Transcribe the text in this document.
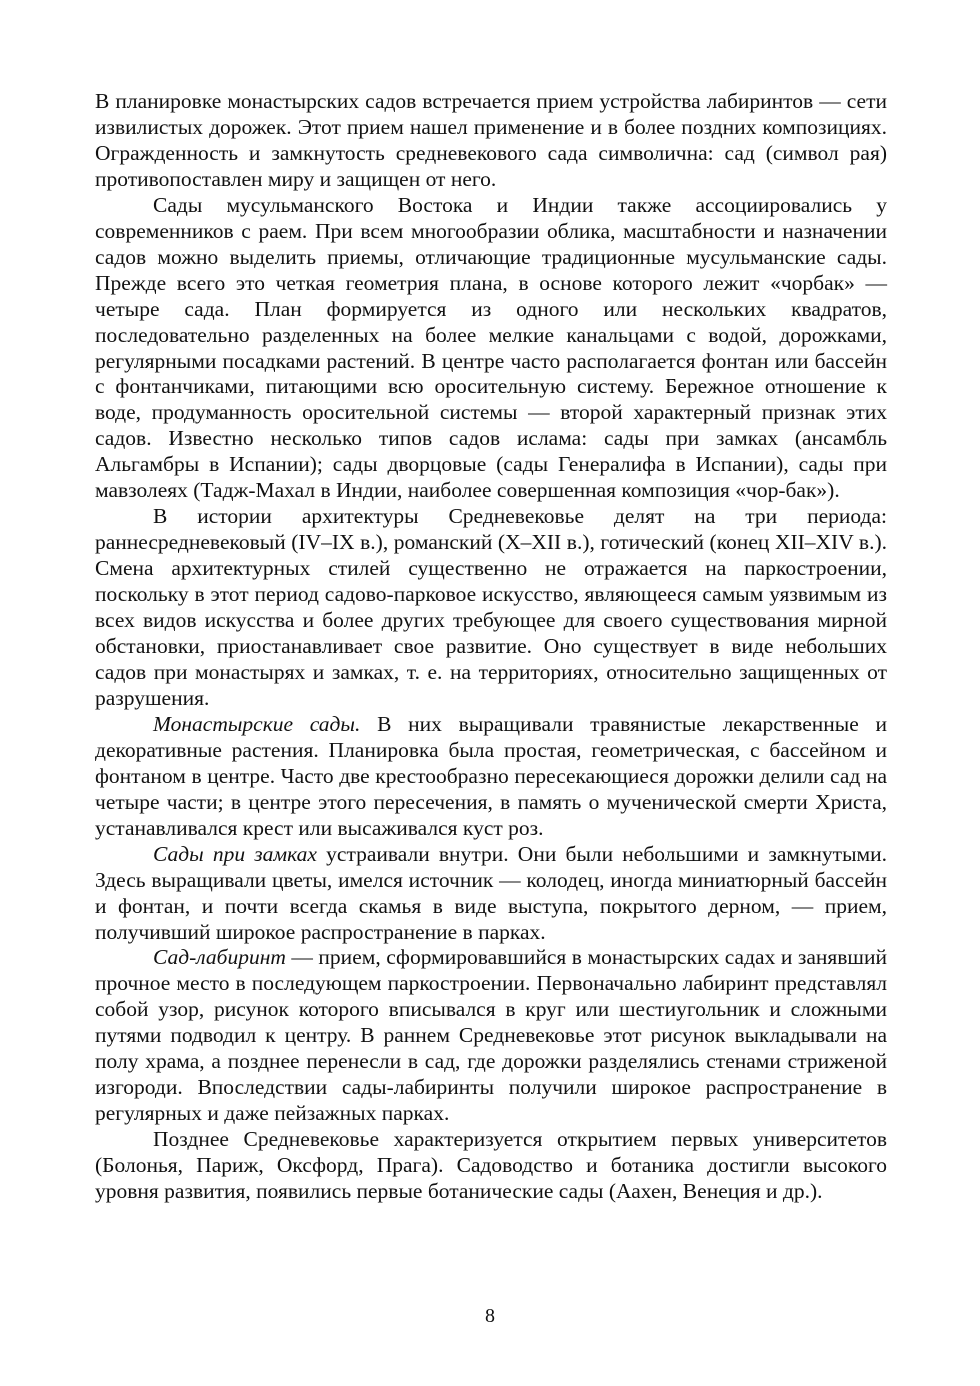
В планировке монастырских садов встречается прием устройства лабиринтов — сети извилистых дорожек. Этот прием нашел применение и в более поздних композициях. Огражденность и замкнутость средневекового сада символична: сад (символ рая) противопоставлен миру и защищен от него.

Сады мусульманского Востока и Индии также ассоциировались у современников с раем. При всем многообразии облика, масштабности и назначении садов можно выделить приемы, отличающие традиционные мусульманские сады. Прежде всего это четкая геометрия плана, в основе которого лежит «чорбак» — четыре сада. План формируется из одного или нескольких квадратов, последовательно разделенных на более мелкие канальцами с водой, дорожками, регулярными посадками растений. В центре часто располагается фонтан или бассейн с фонтанчиками, питающими всю оросительную систему. Бережное отношение к воде, продуманность оросительной системы — второй характерный признак этих садов. Известно несколько типов садов ислама: сады при замках (ансамбль Альгамбры в Испании); сады дворцовые (сады Генералифа в Испании), сады при мавзолеях (Тадж-Махал в Индии, наиболее совершенная композиция «чор-бак»).

В истории архитектуры Средневековье делят на три периода: раннесредневековый (IV–IX в.), романский (X–XII в.), готический (конец XII–XIV в.). Смена архитектурных стилей существенно не отражается на паркостроении, поскольку в этот период садово-парковое искусство, являющееся самым уязвимым из всех видов искусства и более других требующее для своего существования мирной обстановки, приостанавливает свое развитие. Оно существует в виде небольших садов при монастырях и замках, т. е. на территориях, относительно защищенных от разрушения.

Монастырские сады. В них выращивали травянистые лекарственные и декоративные растения. Планировка была простая, геометрическая, с бассейном и фонтаном в центре. Часто две крестообразно пересекающиеся дорожки делили сад на четыре части; в центре этого пересечения, в память о мученической смерти Христа, устанавливался крест или высаживался куст роз.

Сады при замках устраивали внутри. Они были небольшими и замкнутыми. Здесь выращивали цветы, имелся источник — колодец, иногда миниатюрный бассейн и фонтан, и почти всегда скамья в виде выступа, покрытого дерном, — прием, получивший широкое распространение в парках.

Сад-лабиринт — прием, сформировавшийся в монастырских садах и занявший прочное место в последующем паркостроении. Первоначально лабиринт представлял собой узор, рисунок которого вписывался в круг или шестиугольник и сложными путями подводил к центру. В раннем Средневековье этот рисунок выкладывали на полу храма, а позднее перенесли в сад, где дорожки разделялись стенами стриженой изгороди. Впоследствии сады-лабиринты получили широкое распространение в регулярных и даже пейзажных парках.

Позднее Средневековье характеризуется открытием первых университетов (Болонья, Париж, Оксфорд, Прага). Садоводство и ботаника достигли высокого уровня развития, появились первые ботанические сады (Аахен, Венеция и др.).

8
